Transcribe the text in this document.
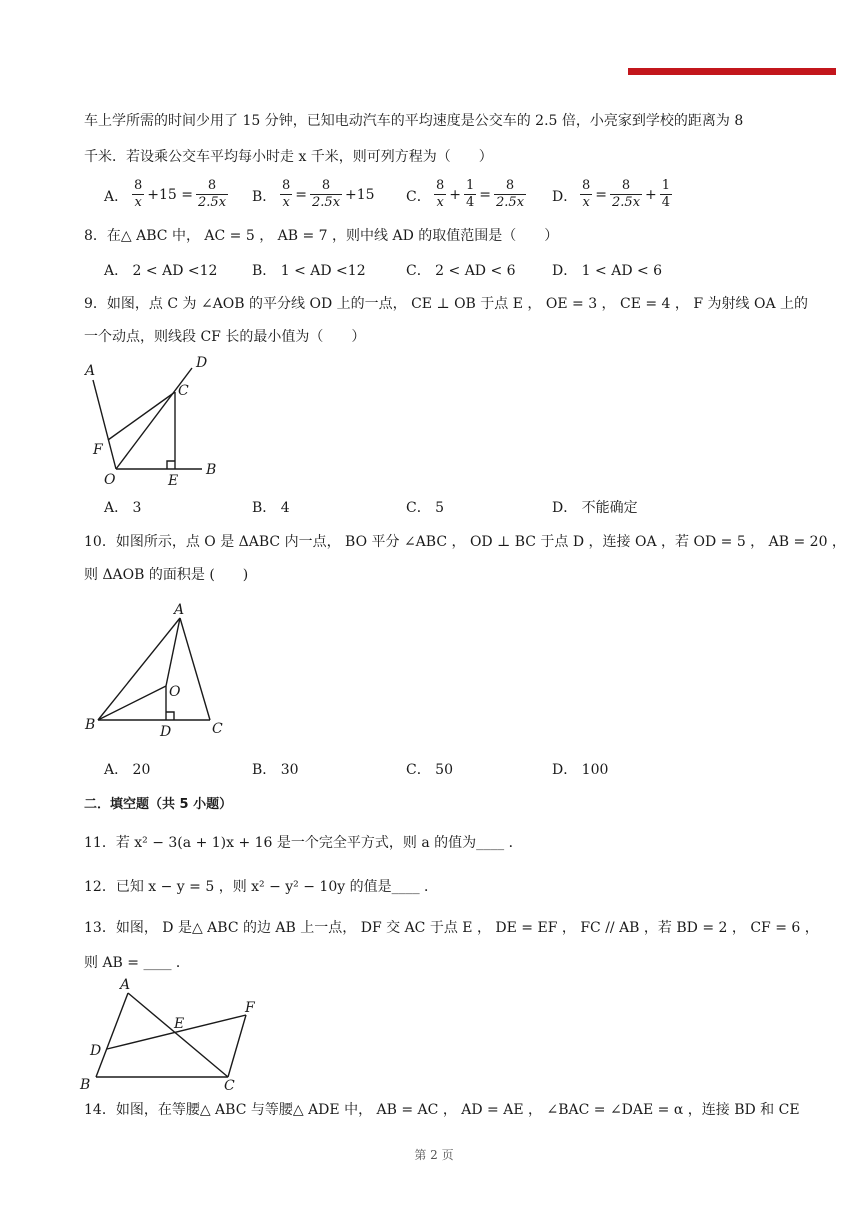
车上学所需的时间少用了 15 分钟，已知电动汽车的平均速度是公交车的 2.5 倍，小亮家到学校的距离为 8
千米．若设乘公交车平均每小时走 x 千米，则可列方程为（　　）
A． $\frac{8}{x} +15 = \frac{8}{2.5x}$ B． $\frac{8}{x} = \frac{8}{2.5x} +15$ C． $\frac{8}{x} + \frac{1}{4} = \frac{8}{2.5x}$ D． $\frac{8}{x} = \frac{8}{2.5x} + \frac{1}{4}$
8．在△ ABC 中， AC = 5 ， AB = 7 ，则中线 AD 的取值范围是（　　）
A． 2 < AD <12 B． 1 < AD <12	C． 2 < AD < 6	D． 1 < AD < 6
9．如图，点 C 为 ∠AOB 的平分线 OD 上的一点， CE ⊥ OB 于点 E ， OE = 3 ， CE = 4 ， F 为射线 OA 上的
一个动点，则线段 CF 长的最小值为（　　）
A	D
C
F
O	E
B
A． 3	B． 4	C． 5	D． 不能确定
10．如图所示，点 O 是 ΔABC 内一点， BO 平分 ∠ABC ， OD ⊥ BC 于点 D ，连接 OA ，若 OD = 5 ， AB = 20 ，
则 ΔAOB 的面积是 (　　)
A
O
B	D	C
A． 20	B． 30	C． 50	D． 100
二．填空题（共 5 小题）
11．若 x² − 3(a + 1)x + 16 是一个完全平方式，则 a 的值为____ ．
12．已知 x − y = 5 ，则 x² − y² − 10y 的值是____ ．
13．如图， D 是△ ABC 的边 AB 上一点， DF 交 AC 于点 E ， DE = EF ， FC // AB ，若 BD = 2 ， CF = 6 ，
则 AB = ____ ．
A
E
F
D
B	C
14．如图，在等腰△ ABC 与等腰△ ADE 中， AB = AC ， AD = AE ， ∠BAC = ∠DAE = α ，连接 BD 和 CE
第 2 页
